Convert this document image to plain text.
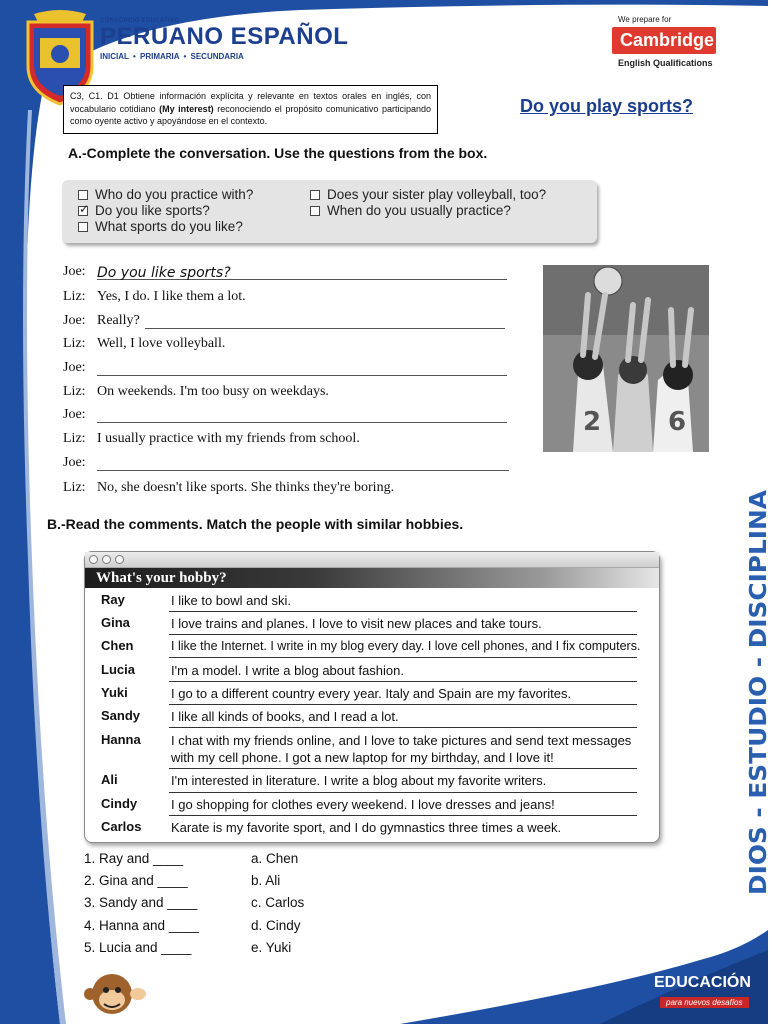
CONSORCIO EDUCATIVO
PERUANO ESPAÑOL
INICIAL • PRIMARIA • SECUNDARIA
We prepare for
Cambridge
English Qualifications
C3, C1. D1 Obtiene información explícita y relevante en textos orales en inglés, con vocabulario cotidiano (My interest) reconociendo el propósito comunicativo participando como oyente activo y apoyándose en el contexto.
Do you play sports?
A.-Complete the conversation. Use the questions from the box.
Who do you practice with?
✓
Do you like sports?
What sports do you like?
Does your sister play volleyball, too?
When do you usually practice?
Joe: Do you like sports?
Liz: Yes, I do. I like them a lot.
Joe: Really?
Liz: Well, I love volleyball.
Joe:
Liz: On weekends. I'm too busy on weekdays.
Joe:
Liz: I usually practice with my friends from school.
Joe:
Liz: No, she doesn't like sports. She thinks they're boring.
2	6
B.-Read the comments. Match the people with similar hobbies.
What's your hobby?
Ray	I like to bowl and ski.
Gina	I love trains and planes. I love to visit new places and take tours.
Chen	I like the Internet. I write in my blog every day. I love cell phones, and I fix computers.
Lucia	I'm a model. I write a blog about fashion.
Yuki	I go to a different country every year. Italy and Spain are my favorites.
Sandy I like all kinds of books, and I read a lot.
Hanna I chat with my friends online, and I love to take pictures and send text messages with my cell phone. I got a new laptop for my birthday, and I love it!
Ali	I'm interested in literature. I write a blog about my favorite writers.
Cindy	I go shopping for clothes every weekend. I love dresses and jeans!
Carlos Karate is my favorite sport, and I do gymnastics three times a week.
1. Ray and ____
2. Gina and ____
3. Sandy and ____
4. Hanna and ____
5. Lucia and ____
a. Chen
b. Ali
c. Carlos
d. Cindy
e. Yuki
DIOS - ESTUDIO - DISCIPLINA
EDUCACIÓN
para nuevos desafíos
